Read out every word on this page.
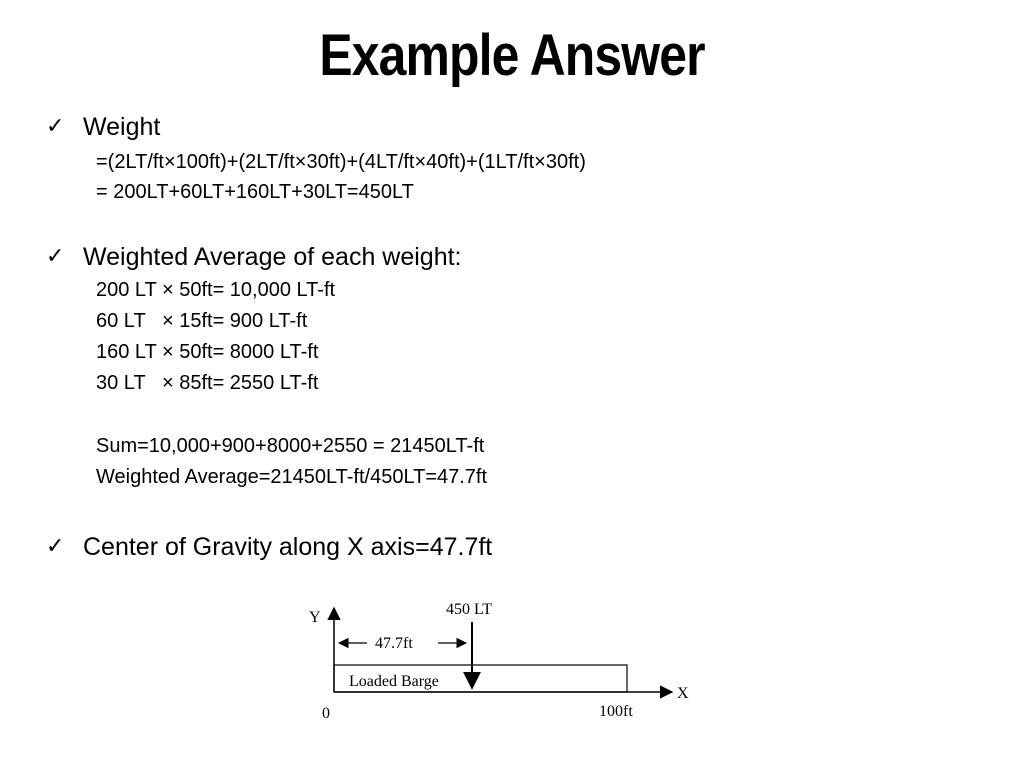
Example Answer
✓ Weight
=(2LT/ft×100ft)+(2LT/ft×30ft)+(4LT/ft×40ft)+(1LT/ft×30ft)
= 200LT+60LT+160LT+30LT=450LT
✓ Weighted Average of each weight:
200 LT × 50ft= 10,000 LT-ft
60 LT   × 15ft= 900 LT-ft
160 LT × 50ft= 8000 LT-ft
30 LT   × 85ft= 2550 LT-ft
Sum=10,000+900+8000+2550 = 21450LT-ft
Weighted Average=21450LT-ft/450LT=47.7ft
✓ Center of Gravity along X axis=47.7ft
Y
X
0	100ft
450 LT
47.7ft
Loaded Barge
